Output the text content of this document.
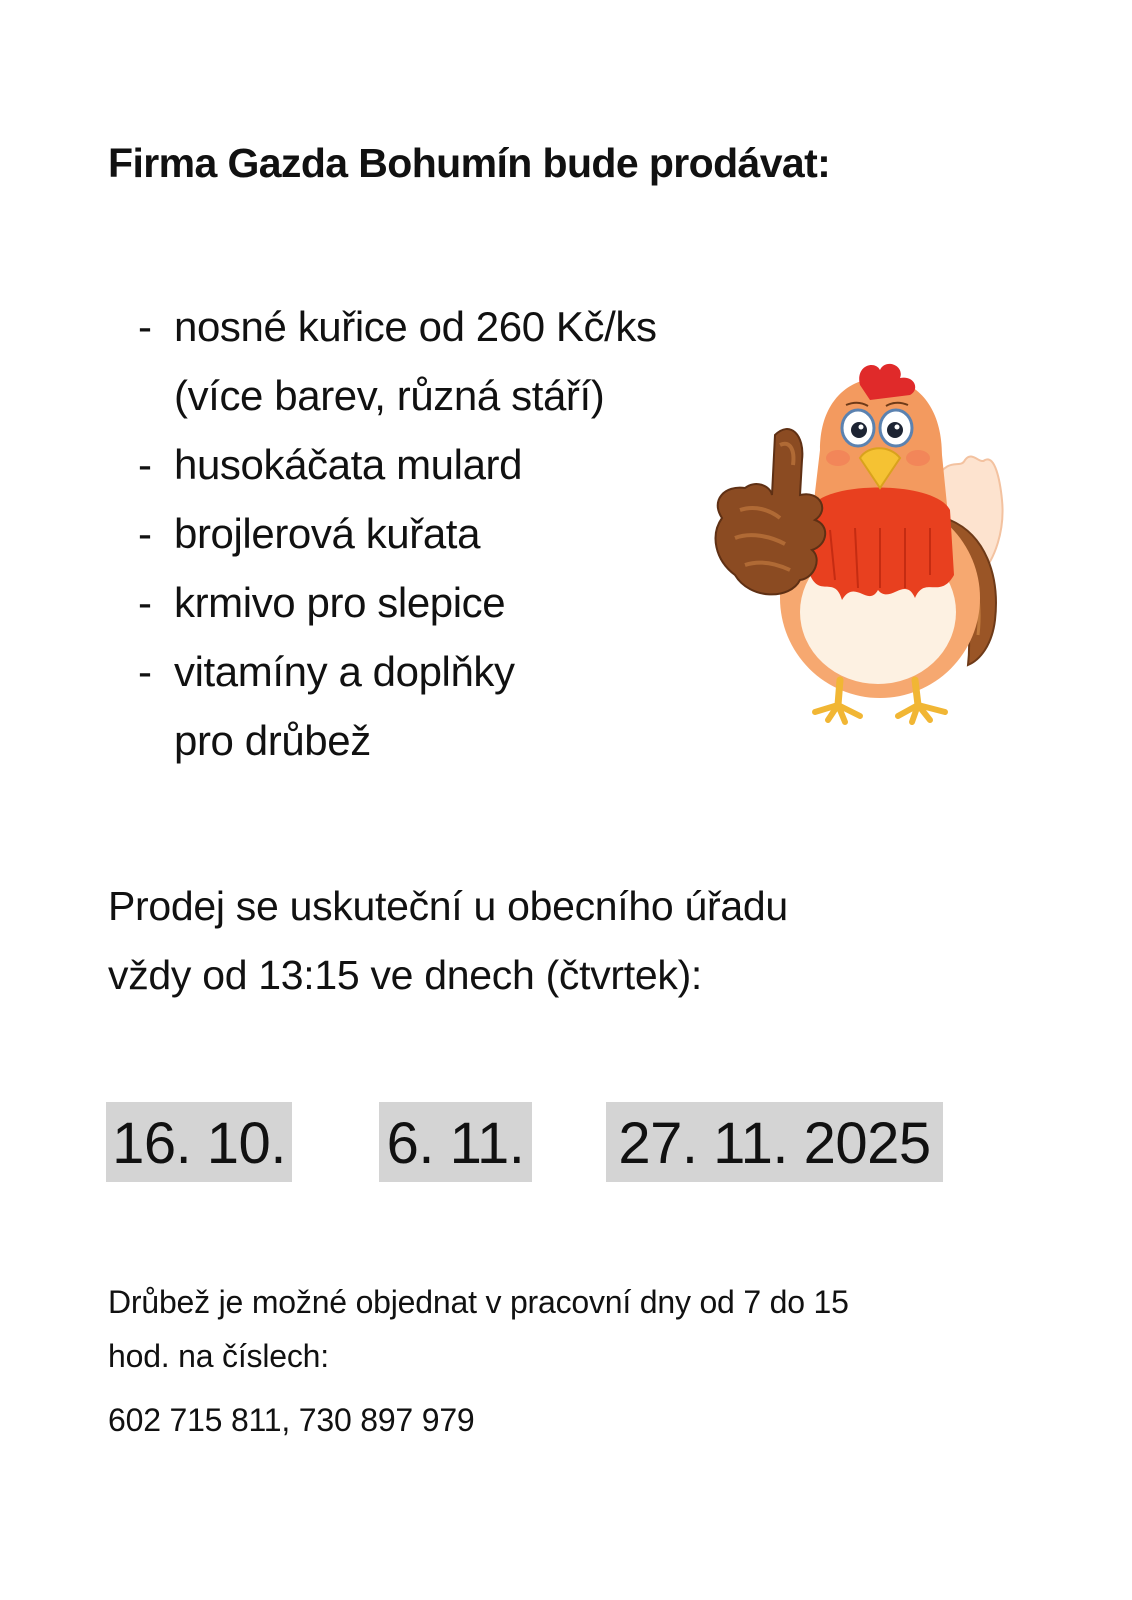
Firma Gazda Bohumín bude prodávat:
- nosné kuřice od 260 Kč/ks
(více barev, různá stáří)
- husokáčata mulard
- brojlerová kuřata
- krmivo pro slepice
- vitamíny a doplňky
pro drůbež
Prodej se uskuteční u obecního úřadu
vždy od 13:15 ve dnech (čtvrtek):
16. 10. 6. 11. 27. 11. 2025
Drůbež je možné objednat v pracovní dny od 7 do 15
hod. na číslech:
602 715 811, 730 897 979
